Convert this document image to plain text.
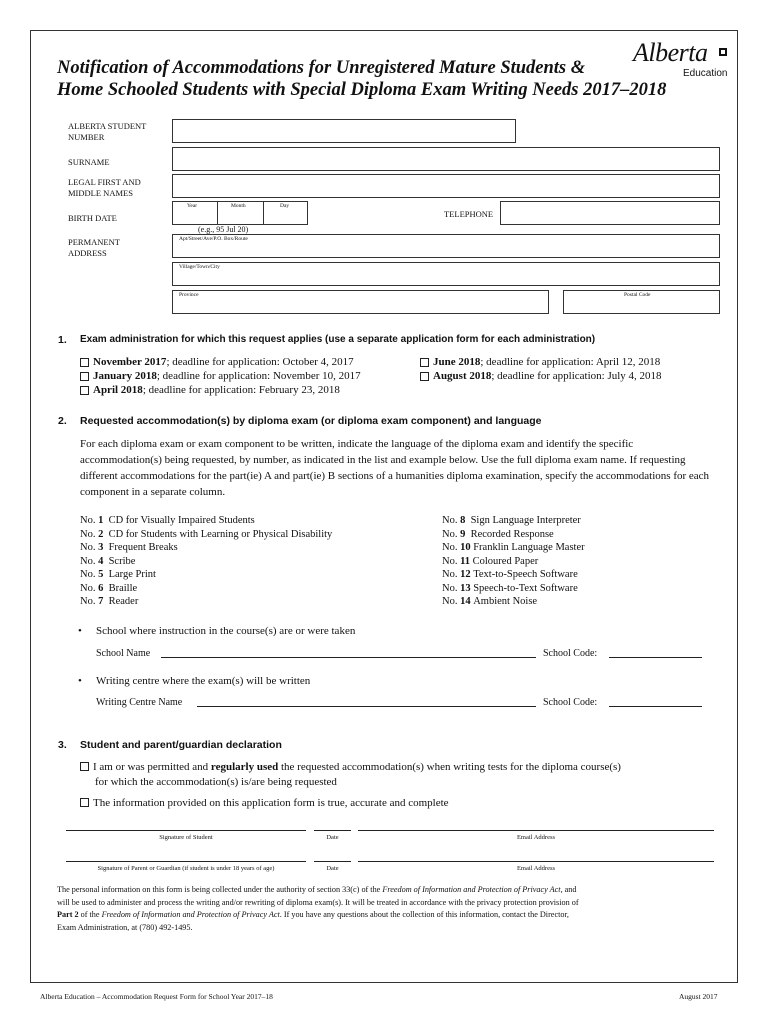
Notification of Accommodations for Unregistered Mature Students &
Home Schooled Students with Special Diploma Exam Writing Needs 2017–2018
Alberta
Education
ALBERTA STUDENT
NUMBER
SURNAME
LEGAL FIRST AND
MIDDLE NAMES
BIRTH DATE
Year	Month	Day
(e.g., 95 Jul 20)
TELEPHONE
PERMANENT
ADDRESS
Apt/Street/Ave/P.O. Box/Route
Village/Town/City
Province	Postal Code
1. Exam administration for which this request applies (use a separate application form for each administration)
November 2017 ; deadline for application: October 4, 2017
January 2018 ; deadline for application: November 10, 2017
April 2018 ; deadline for application: February 23, 2018
June 2018 ; deadline for application: April 12, 2018
August 2018 ; deadline for application: July 4, 2018
2. Requested accommodation(s) by diploma exam (or diploma exam component) and language
For each diploma exam or exam component to be written, indicate the language of the diploma exam and identify the specific accommodation(s) being requested, by number, as indicated in the list and example below. Use the full diploma exam name. If requesting different accommodations for the part(ie) A and part(ie) B sections of a humanities diploma examination, specify the accommodations for each component in a separate column.
No. 1 CD for Visually Impaired Students
No. 2 CD for Students with Learning or Physical Disability
No. 3 Frequent Breaks
No. 4 Scribe
No. 5 Large Print
No. 6 Braille
No. 7 Reader
No. 8 Sign Language Interpreter
No. 9 Recorded Response
No. 10 Franklin Language Master
No. 11 Coloured Paper
No. 12 Text-to-Speech Software
No. 13 Speech-to-Text Software
No. 14 Ambient Noise
• School where instruction in the course(s) are or were taken
School Name	School Code:
• Writing centre where the exam(s) will be written
Writing Centre Name	School Code:
3. Student and parent/guardian declaration
I am or was permitted and regularly used the requested accommodation(s) when writing tests for the diploma course(s)
for which the accommodation(s) is/are being requested
The information provided on this application form is true, accurate and complete
Signature of Student	Date	Email Address
Signature of Parent or Guardian (if student is under 18 years of age)	Date	Email Address
The personal information on this form is being collected under the authority of section 33(c) of the Freedom of Information and Protection of Privacy Act, and
will be used to administer and process the writing and/or rewriting of diploma exam(s). It will be treated in accordance with the privacy protection provision of
Part 2 of the Freedom of Information and Protection of Privacy Act. If you have any questions about the collection of this information, contact the Director,
Exam Administration, at (780) 492-1495.
Alberta Education – Accommodation Request Form for School Year 2017–18	August 2017
